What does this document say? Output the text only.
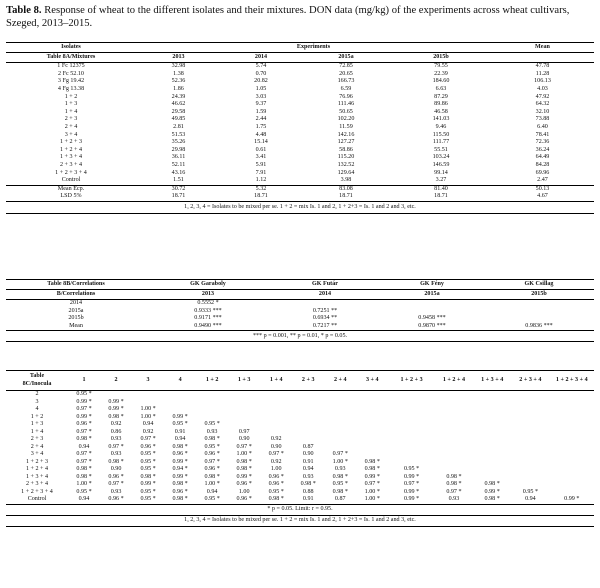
Table 8. Response of wheat to the different isolates and their mixtures. DON data (mg/kg) of the experiments across wheat cultivars, Szeged, 2013–2015.
Isolates	Experiments				Mean
Table 8A/Mixtures	2013	2014	2015a	2015b	
1 Fc 12375	32.98	5.74	72.85	79.55	47.78
2 Fc 52.10	1.38	0.70	20.65	22.39	11.28
3 Fg 19.42	52.36	20.82	166.73	184.60	106.13
4 Fg 13.38	1.86	1.05	6.59	6.63	4.03
1 + 2	24.39	3.03	76.96	87.29	47.92
1 + 3	46.62	9.37	111.46	89.86	64.32
1 + 4	29.58	1.59	50.65	46.58	32.10
2 + 3	49.85	2.44	102.20	141.03	73.88
2 + 4	2.81	1.75	11.59	9.46	6.40
3 + 4	51.53	4.48	142.16	115.50	78.41
1 + 2 + 3	35.26	15.14	127.27	111.77	72.36
1 + 2 + 4	29.98	0.61	58.86	55.51	36.24
1 + 3 + 4	36.11	3.41	115.20	103.24	64.49
2 + 3 + 4	52.11	5.91	132.52	146.59	84.28
1 + 2 + 3 + 4	43.16	7.91	129.64	99.14	69.96
Control	1.51	1.12	3.98	3.27	2.47
Mean Ecp.	30.72	5.32	83.08	81.40	50.13
LSD 5%	18.71	18.71	18.71	18.71	4.67
1, 2, 3, 4 = Isolates to be mixed per se. 1 + 2 = mix Is. 1 and 2, 1 + 2+3 = Is. 1 and 2 and 3, etc.					
Table 8B/Correlations	GK Garaboly	GK Futár	GK Fény	GK Csillag
B/Correlations	2013	2014	2015a	2015b
2014	0.5552 *			
2015a	0.9333 ***	0.7251 **		
2015b	0.9171 ***	0.6934 **	0.9458 ***	
Mean	0.9490 ***	0.7217 **	0.9870 ***	0.9836 ***
*** p = 0.001, ** p = 0.01, * p = 0.05.				
Table
8C/Inocula	1	2	3	4	1 + 2	1 + 3	1 + 4	2 + 3	2 + 4	3 + 4	1 + 2 + 3	1 + 2 + 4	1 + 3 + 4	2 + 3 + 4	1 + 2 + 3 + 4
2	0.95 *														
3	0.99 *	0.99 *													
4	0.97 *	0.99 *	1.00 *												
1 + 2	0.99 *	0.98 *	1.00 *	0.99 *											
1 + 3	0.96 *	0.92	0.94	0.95 *	0.95 *										
1 + 4	0.97 *	0.86	0.92	0.91	0.93	0.97									
2 + 3	0.98 *	0.93	0.97 *	0.94	0.98 *	0.90	0.92								
2 + 4	0.94	0.97 *	0.96 *	0.98 *	0.95 *	0.97 *	0.90	0.87							
3 + 4	0.97 *	0.93	0.95 *	0.96 *	0.96 *	1.00 *	0.97 *	0.90	0.97 *						
1 + 2 + 3	0.97 *	0.98 *	0.95 *	0.99 *	0.97 *	0.98 *	0.92	0.91	1.00 *	0.98 *					
1 + 2 + 4	0.98 *	0.90	0.95 *	0.94 *	0.96 *	0.98 *	1.00	0.94	0.93	0.98 *	0.95 *				
1 + 3 + 4	0.98 *	0.96 *	0.98 *	0.99 *	0.98 *	0.99 *	0.96 *	0.93	0.98 *	0.99 *	0.99 *	0.98 *			
2 + 3 + 4	1.00 *	0.97 *	0.99 *	0.98 *	1.00 *	0.96 *	0.96 *	0.98 *	0.95 *	0.97 *	0.97 *	0.98 *	0.98 *		
1 + 2 + 3 + 4	0.95 *	0.93	0.95 *	0.96 *	0.94	1.00	0.95 *	0.88	0.98 *	1.00 *	0.99 *	0.97 *	0.99 *	0.95 *	
Control	0.94	0.96 *	0.95 *	0.98 *	0.95 *	0.96 *	0.98 *	0.91	0.87	1.00 *	0.99 *	0.93	0.98 *	0.94	0.99 *
* p = 0.05. Limit: r = 0.95.															
1, 2, 3, 4 = Isolates to be mixed per se. 1 + 2 = mix Is. 1 and 2, 1 + 2+3 = Is. 1 and 2 and 3, etc.															
